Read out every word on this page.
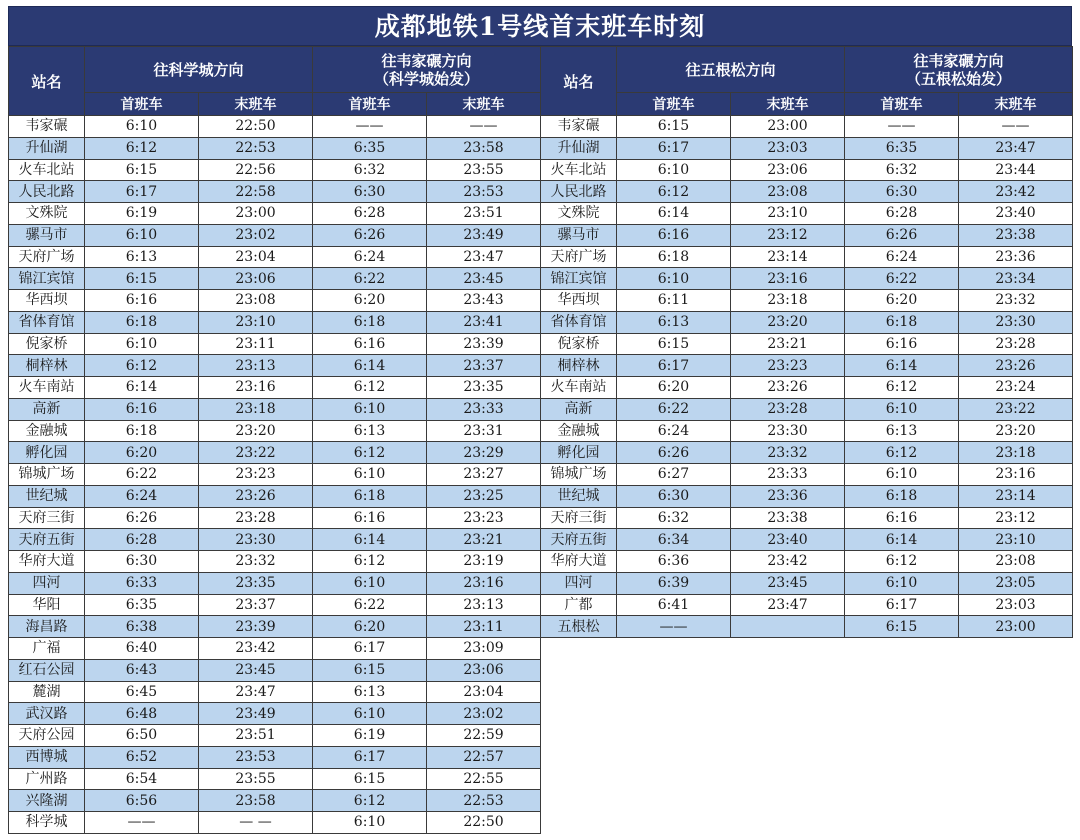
成都地铁1号线首末班车时刻
站名	往科学城方向		往韦家碾方向
（科学城始发）	

	首班车	末班车	首班车	末班车
韦家碾	6:10	22:50	——	——
升仙湖	6:12	22:53	6:35	23:58
火车北站	6:15	22:56	6:32	23:55
人民北路	6:17	22:58	6:30	23:53
文殊院	6:19	23:00	6:28	23:51
骡马市	6:10	23:02	6:26	23:49
天府广场	6:13	23:04	6:24	23:47
锦江宾馆	6:15	23:06	6:22	23:45
华西坝	6:16	23:08	6:20	23:43
省体育馆	6:18	23:10	6:18	23:41
倪家桥	6:10	23:11	6:16	23:39
桐梓林	6:12	23:13	6:14	23:37
火车南站	6:14	23:16	6:12	23:35
高新	6:16	23:18	6:10	23:33
金融城	6:18	23:20	6:13	23:31
孵化园	6:20	23:22	6:12	23:29
锦城广场	6:22	23:23	6:10	23:27
世纪城	6:24	23:26	6:18	23:25
天府三街	6:26	23:28	6:16	23:23
天府五街	6:28	23:30	6:14	23:21
华府大道	6:30	23:32	6:12	23:19
四河	6:33	23:35	6:10	23:16
华阳	6:35	23:37	6:22	23:13
海昌路	6:38	23:39	6:20	23:11
广福	6:40	23:42	6:17	23:09
红石公园	6:43	23:45	6:15	23:06
麓湖	6:45	23:47	6:13	23:04
武汉路	6:48	23:49	6:10	23:02
天府公园	6:50	23:51	6:19	22:59
西博城	6:52	23:53	6:17	22:57
广州路	6:54	23:55	6:15	22:55
兴隆湖	6:56	23:58	6:12	22:53
科学城	——	— —	6:10	22:50
站名	往五根松方向		往韦家碾方向
（五根松始发）	

	首班车	末班车	首班车	末班车
韦家碾	6:15	23:00	——	——
升仙湖	6:17	23:03	6:35	23:47
火车北站	6:10	23:06	6:32	23:44
人民北路	6:12	23:08	6:30	23:42
文殊院	6:14	23:10	6:28	23:40
骡马市	6:16	23:12	6:26	23:38
天府广场	6:18	23:14	6:24	23:36
锦江宾馆	6:10	23:16	6:22	23:34
华西坝	6:11	23:18	6:20	23:32
省体育馆	6:13	23:20	6:18	23:30
倪家桥	6:15	23:21	6:16	23:28
桐梓林	6:17	23:23	6:14	23:26
火车南站	6:20	23:26	6:12	23:24
高新	6:22	23:28	6:10	23:22
金融城	6:24	23:30	6:13	23:20
孵化园	6:26	23:32	6:12	23:18
锦城广场	6:27	23:33	6:10	23:16
世纪城	6:30	23:36	6:18	23:14
天府三街	6:32	23:38	6:16	23:12
天府五街	6:34	23:40	6:14	23:10
华府大道	6:36	23:42	6:12	23:08
四河	6:39	23:45	6:10	23:05
广都	6:41	23:47	6:17	23:03
五根松	——		6:15	23:00
